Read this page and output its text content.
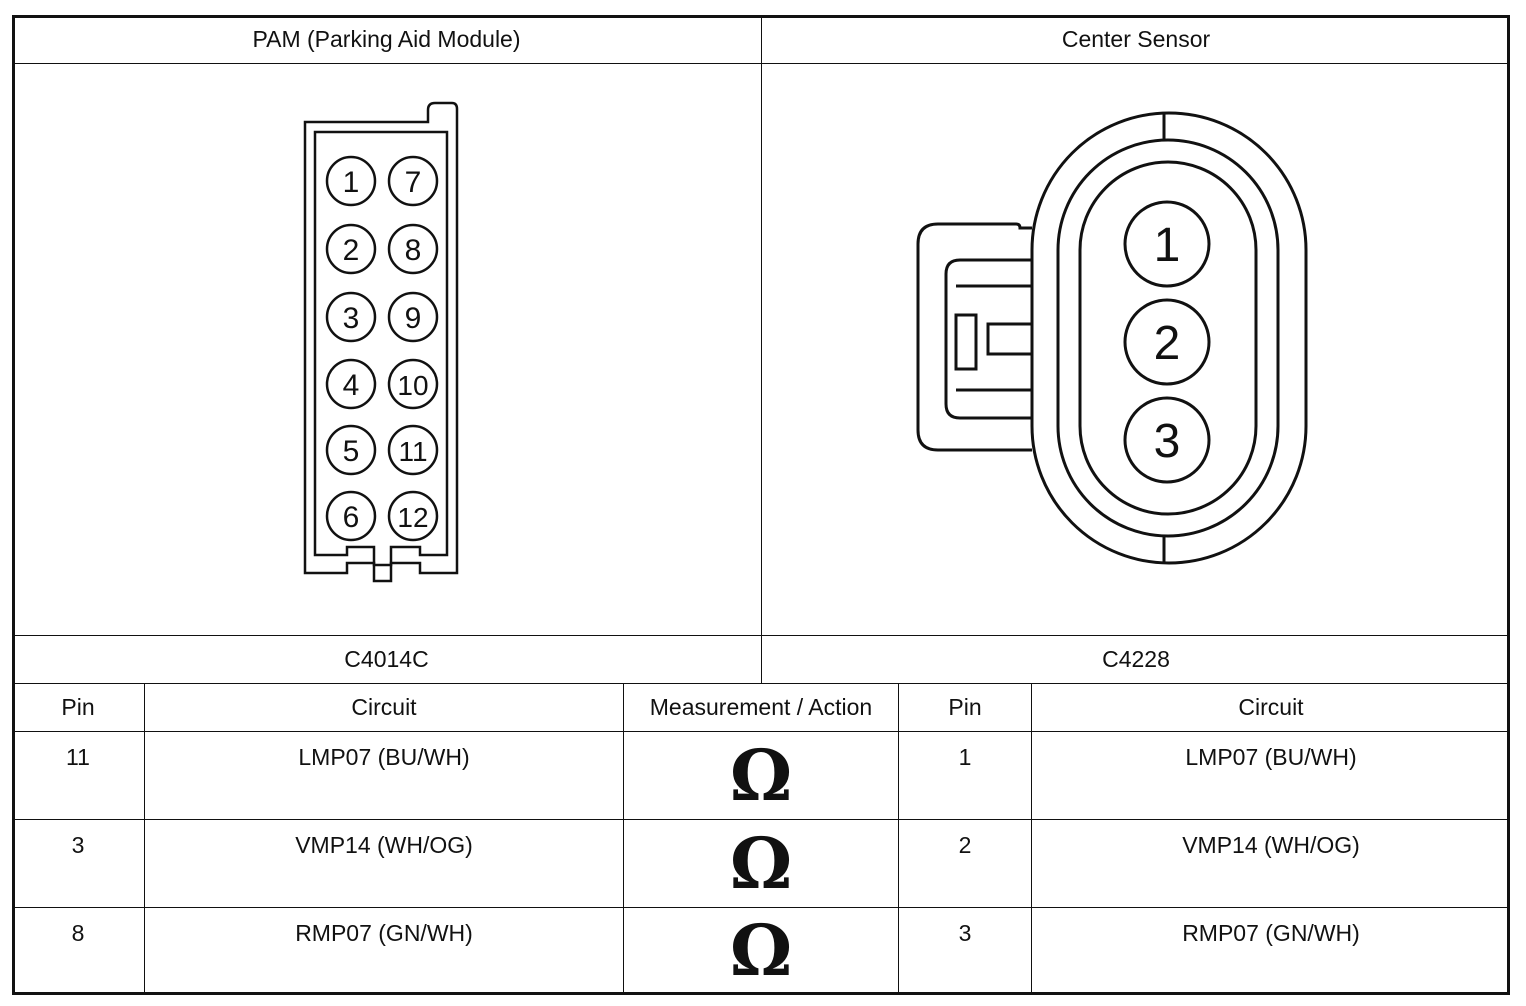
PAM (Parking Aid Module)	Center Sensor
1
2
3
4
5
6
7
8
9
10
11
12
1
2
3
C4014C	C4228
Pin	Circuit	Measurement / Action	Pin	Circuit
11	LMP07 (BU/WH)	Ω	1	LMP07 (BU/WH)
3	VMP14 (WH/OG)	Ω	2	VMP14 (WH/OG)
8	RMP07 (GN/WH)	Ω	3	RMP07 (GN/WH)
